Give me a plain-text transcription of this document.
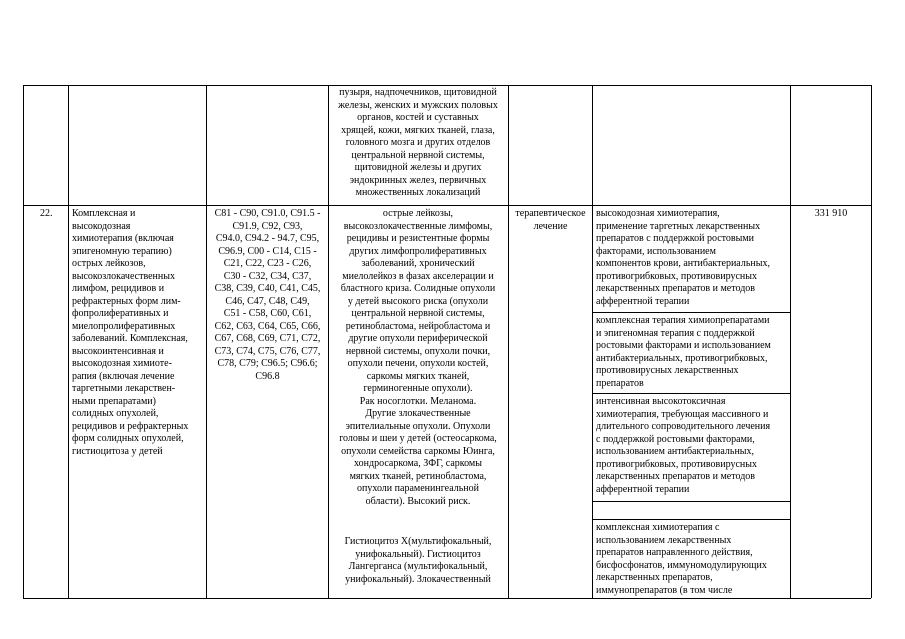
пузыря, надпочечников, щитовидной
железы, женских и мужских половых
органов, костей и суставных
хрящей, кожи, мягких тканей, глаза,
головного мозга и других отделов
центральной нервной системы,
щитовидной железы и других
эндокринных желез, первичных
множественных локализаций
22.	Комплексная и
высокодозная
химиотерапия (включая
эпигеномную терапию)
острых лейкозов,
высокозлокачественных
лимфом, рецидивов и
рефрактерных форм лим-
фопролиферативных и
миелопролиферативных
заболеваний. Комплексная,
высокоинтенсивная и
высокодозная химиоте-
рапия (включая лечение
таргетными лекарствен-
ными препаратами)
солидных опухолей,
рецидивов и рефрактерных
форм солидных опухолей,
гистиоцитоза у детей
C81 - C90, C91.0, C91.5 -
C91.9, C92, C93,
C94.0, C94.2 - 94.7, C95,
C96.9, C00 - C14, C15 -
C21, C22, C23 - C26,
C30 - C32, C34, C37,
C38, C39, C40, C41, C45,
C46, C47, C48, C49,
C51 - C58, C60, C61,
C62, C63, C64, C65, C66,
C67, C68, C69, C71, C72,
C73, C74, C75, C76, C77,
C78, C79; C96.5; C96.6;
C96.8
острые лейкозы,
высокозлокачественные лимфомы,
рецидивы и резистентные формы
других лимфопролиферативных
заболеваний, хронический
миелолейкоз в фазах акселерации и
бластного криза. Солидные опухоли
у детей высокого риска (опухоли
центральной нервной системы,
ретинобластома, нейробластома и
другие опухоли периферической
нервной системы, опухоли почки,
опухоли печени, опухоли костей,
саркомы мягких тканей,
герминогенные опухоли).
Рак носоглотки. Меланома.
Другие злокачественные
эпителиальные опухоли. Опухоли
головы и шеи у детей (остеосаркома,
опухоли семейства саркомы Юинга,
хондросаркома, ЗФГ, саркомы
мягких тканей, ретинобластома,
опухоли параменингеальной
области). Высокий риск.
Гистиоцитоз Х(мультифокальный,
унифокальный). Гистиоцитоз
Лангерганса (мультифокальный,
унифокальный). Злокачественный
терапевтическое
лечение
высокодозная химиотерапия,
применение таргетных лекарственных
препаратов с поддержкой ростовыми
факторами, использованием
компонентов крови, антибактериальных,
противогрибковых, противовирусных
лекарственных препаратов и методов
афферентной терапии
комплексная терапия химиопрепаратами
и эпигеномная терапия с поддержкой
ростовыми факторами и использованием
антибактериальных, противогрибковых,
противовирусных лекарственных
препаратов
интенсивная высокотоксичная
химиотерапия, требующая массивного и
длительного сопроводительного лечения
с поддержкой ростовыми факторами,
использованием антибактериальных,
противогрибковых, противовирусных
лекарственных препаратов и методов
афферентной терапии
комплексная химиотерапия с
использованием лекарственных
препаратов направленного действия,
бисфосфонатов, иммуномодулирующих
лекарственных препаратов,
иммунопрепаратов (в том числе
331 910
